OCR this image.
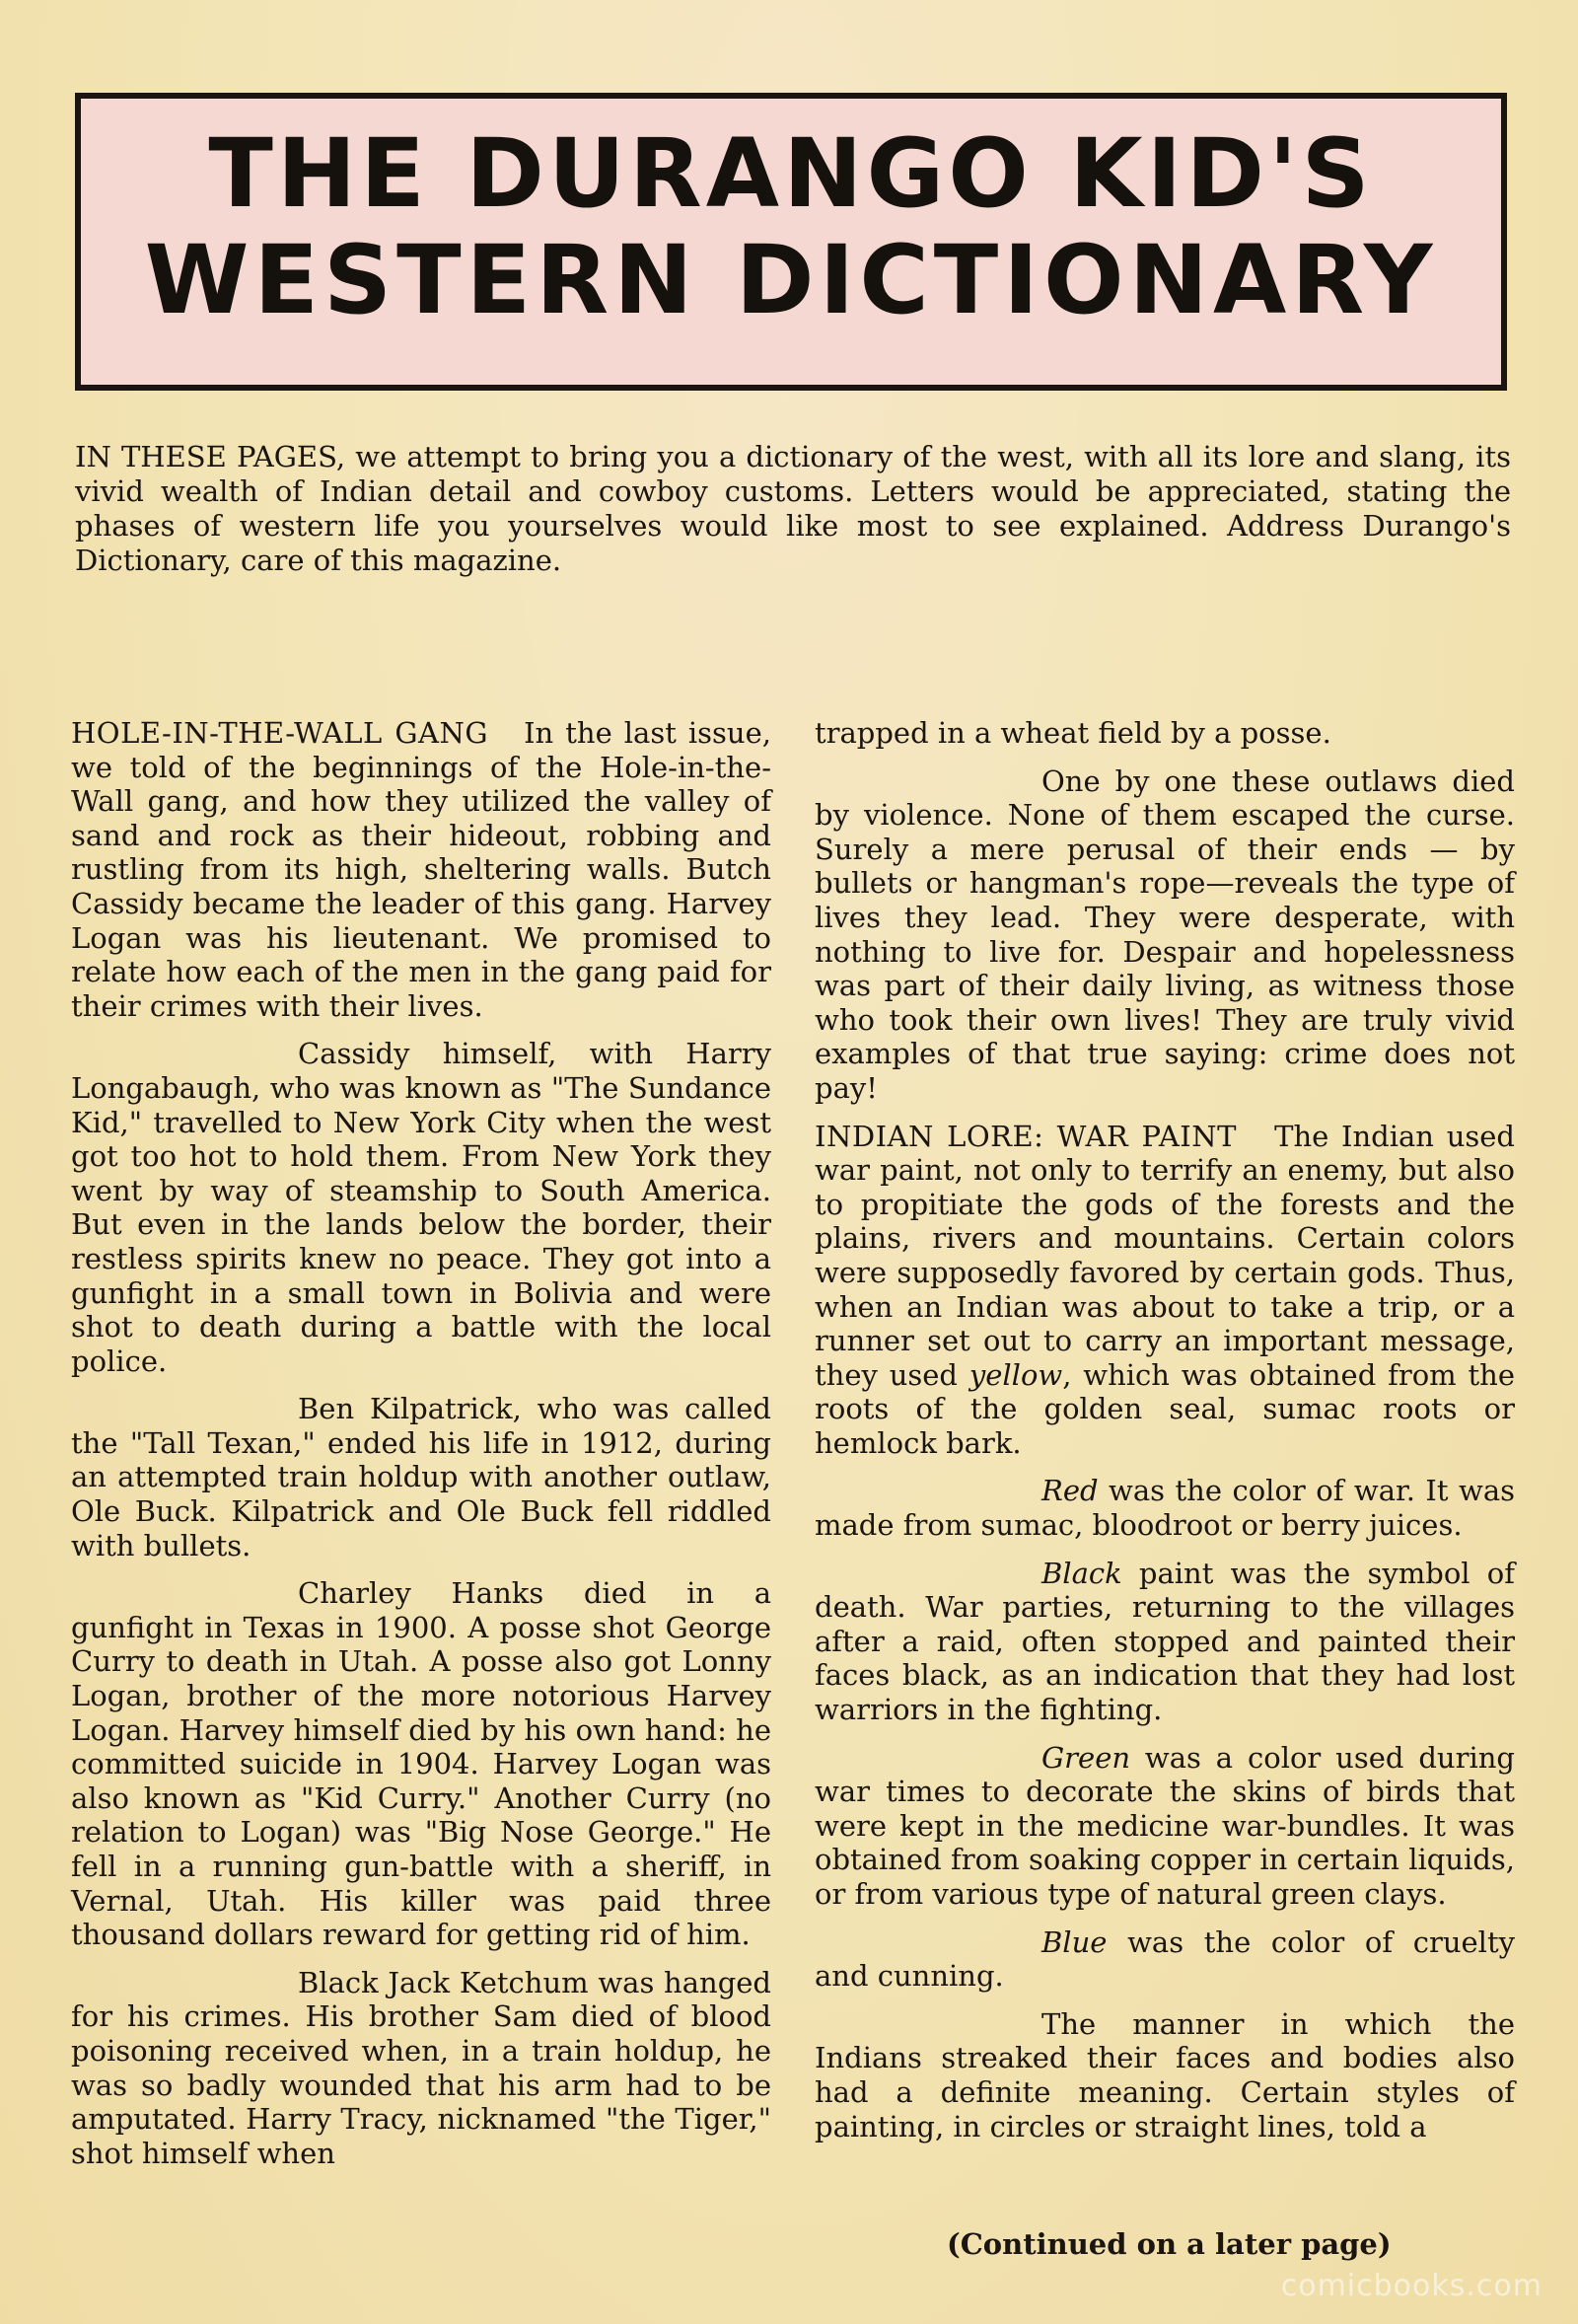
THE DURANGO KID'S
WESTERN DICTIONARY

IN THESE PAGES, we attempt to bring you a dictionary of the west, with all its lore and slang, its vivid wealth of Indian detail and cowboy customs. Letters would be appreciated, stating the phases of western life you yourselves would like most to see explained. Address Durango's Dictionary, care of this magazine.

HOLE-IN-THE-WALL GANG In the last issue, we told of the beginnings of the Hole-in-the-Wall gang, and how they utilized the valley of sand and rock as their hideout, robbing and rustling from its high, sheltering walls. Butch Cassidy became the leader of this gang. Harvey Logan was his lieutenant. We promised to relate how each of the men in the gang paid for their crimes with their lives.

Cassidy himself, with Harry Longabaugh, who was known as "The Sundance Kid," travelled to New York City when the west got too hot to hold them. From New York they went by way of steamship to South America. But even in the lands below the border, their restless spirits knew no peace. They got into a gunfight in a small town in Bolivia and were shot to death during a battle with the local police.

Ben Kilpatrick, who was called the "Tall Texan," ended his life in 1912, during an attempted train holdup with another outlaw, Ole Buck. Kilpatrick and Ole Buck fell riddled with bullets.

Charley Hanks died in a gunfight in Texas in 1900. A posse shot George Curry to death in Utah. A posse also got Lonny Logan, brother of the more notorious Harvey Logan. Harvey himself died by his own hand: he committed suicide in 1904. Harvey Logan was also known as "Kid Curry." Another Curry (no relation to Logan) was "Big Nose George." He fell in a running gun-battle with a sheriff, in Vernal, Utah. His killer was paid three thousand dollars reward for getting rid of him.

Black Jack Ketchum was hanged for his crimes. His brother Sam died of blood poisoning received when, in a train holdup, he was so badly wounded that his arm had to be amputated. Harry Tracy, nicknamed "the Tiger," shot himself when

trapped in a wheat field by a posse.

One by one these outlaws died by violence. None of them escaped the curse. Surely a mere perusal of their ends — by bullets or hangman's rope—reveals the type of lives they lead. They were desperate, with nothing to live for. Despair and hopelessness was part of their daily living, as witness those who took their own lives! They are truly vivid examples of that true saying: crime does not pay!

INDIAN LORE: WAR PAINT The Indian used war paint, not only to terrify an enemy, but also to propitiate the gods of the forests and the plains, rivers and mountains. Certain colors were supposedly favored by certain gods. Thus, when an Indian was about to take a trip, or a runner set out to carry an important message, they used yellow, which was obtained from the roots of the golden seal, sumac roots or hemlock bark.

Red was the color of war. It was made from sumac, bloodroot or berry juices.

Black paint was the symbol of death. War parties, returning to the villages after a raid, often stopped and painted their faces black, as an indication that they had lost warriors in the fighting.

Green was a color used during war times to decorate the skins of birds that were kept in the medicine war-bundles. It was obtained from soaking copper in certain liquids, or from various type of natural green clays.

Blue was the color of cruelty and cunning.

The manner in which the Indians streaked their faces and bodies also had a definite meaning. Certain styles of painting, in circles or straight lines, told a

(Continued on a later page)

comicbooks.com
